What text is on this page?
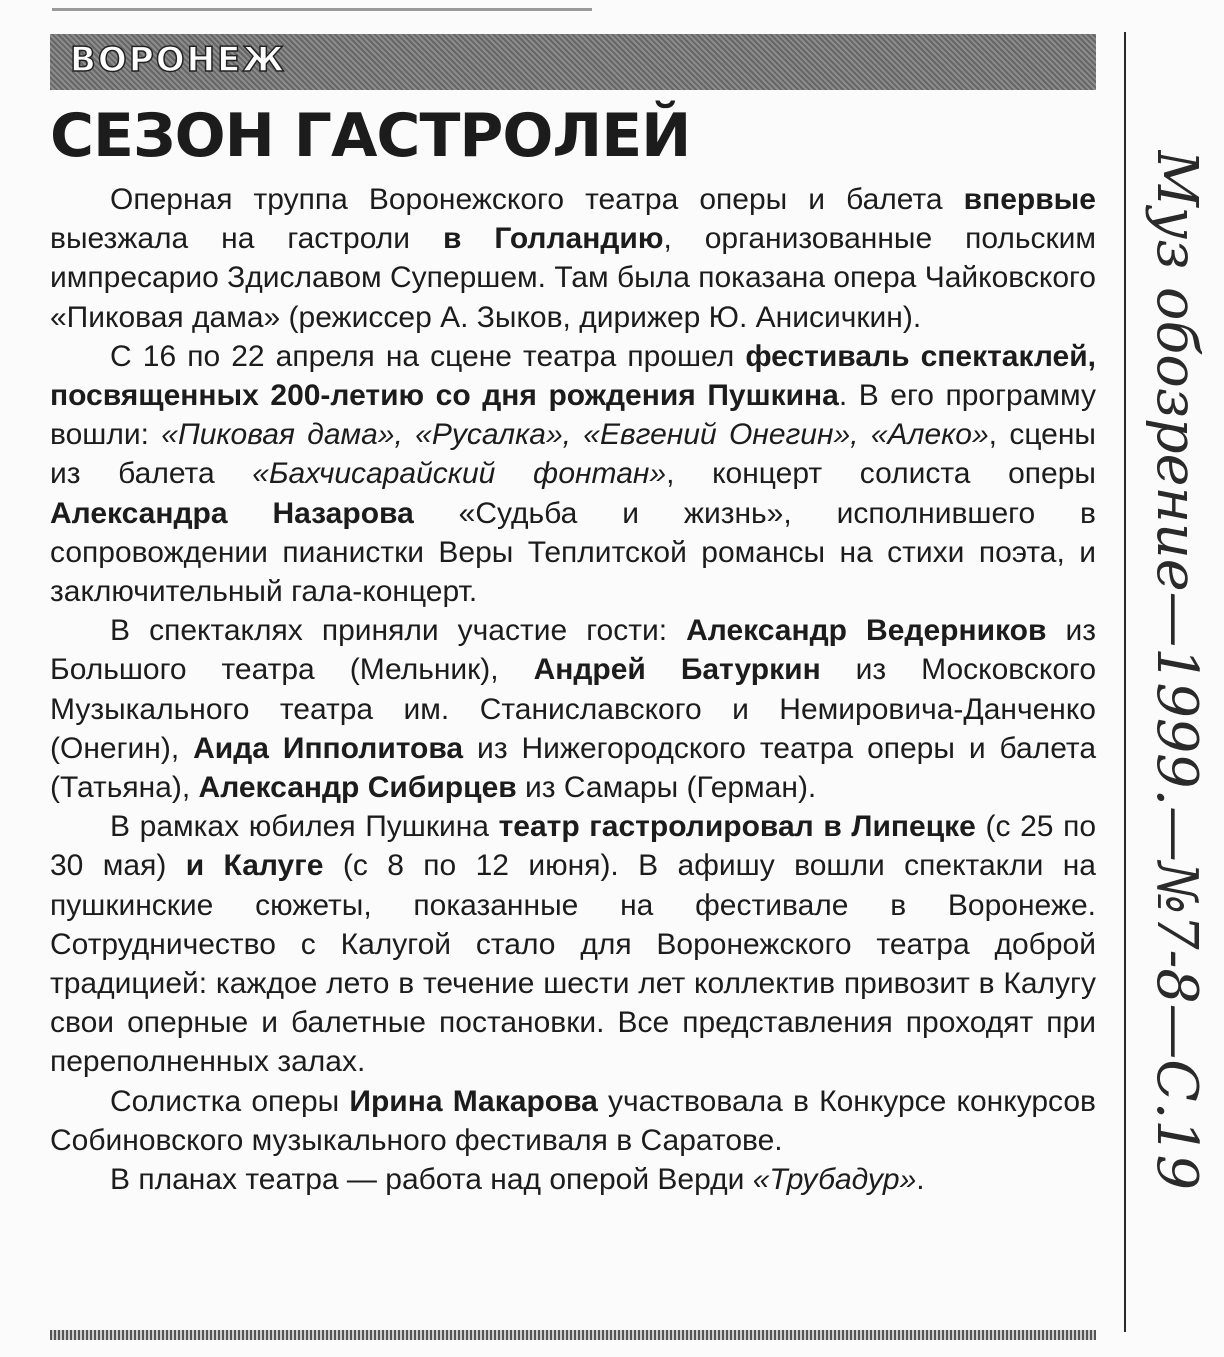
ВОРОНЕЖ
СЕЗОН ГАСТРОЛЕЙ

Оперная труппа Воронежского театра оперы и балета впервые выезжала на гастроли в Голландию, организованные польским импресарио Здиславом Супершем. Там была показана опера Чайковского «Пиковая дама» (режиссер А. Зыков, дирижер Ю. Анисичкин).

С 16 по 22 апреля на сцене театра прошел фестиваль спектаклей, посвященных 200-летию со дня рождения Пушкина. В его программу вошли: «Пиковая дама», «Русалка», «Евгений Онегин», «Алеко», сцены из балета «Бахчисарайский фонтан», концерт солиста оперы Александра Назарова «Судьба и жизнь», исполнившего в сопровождении пианистки Веры Теплитской романсы на стихи поэта, и заключительный гала-концерт.

В спектаклях приняли участие гости: Александр Ведерников из Большого театра (Мельник), Андрей Батуркин из Московского Музыкального театра им. Станиславского и Немировича-Данченко (Онегин), Аида Ипполитова из Нижегородского театра оперы и балета (Татьяна), Александр Сибирцев из Самары (Герман).

В рамках юбилея Пушкина театр гастролировал в Липецке (с 25 по 30 мая) и Калуге (с 8 по 12 июня). В афишу вошли спектакли на пушкинские сюжеты, показанные на фестивале в Воронеже. Сотрудничество с Калугой стало для Воронежского театра доброй традицией: каждое лето в течение шести лет коллектив привозит в Калугу свои оперные и балетные постановки. Все представления проходят при переполненных залах.

Солистка оперы Ирина Макарова участвовала в Конкурсе конкурсов Собиновского музыкального фестиваля в Саратове.

В планах театра — работа над оперой Верди «Трубадур».	Муз обозрение—1999.—№7-8—С.19
